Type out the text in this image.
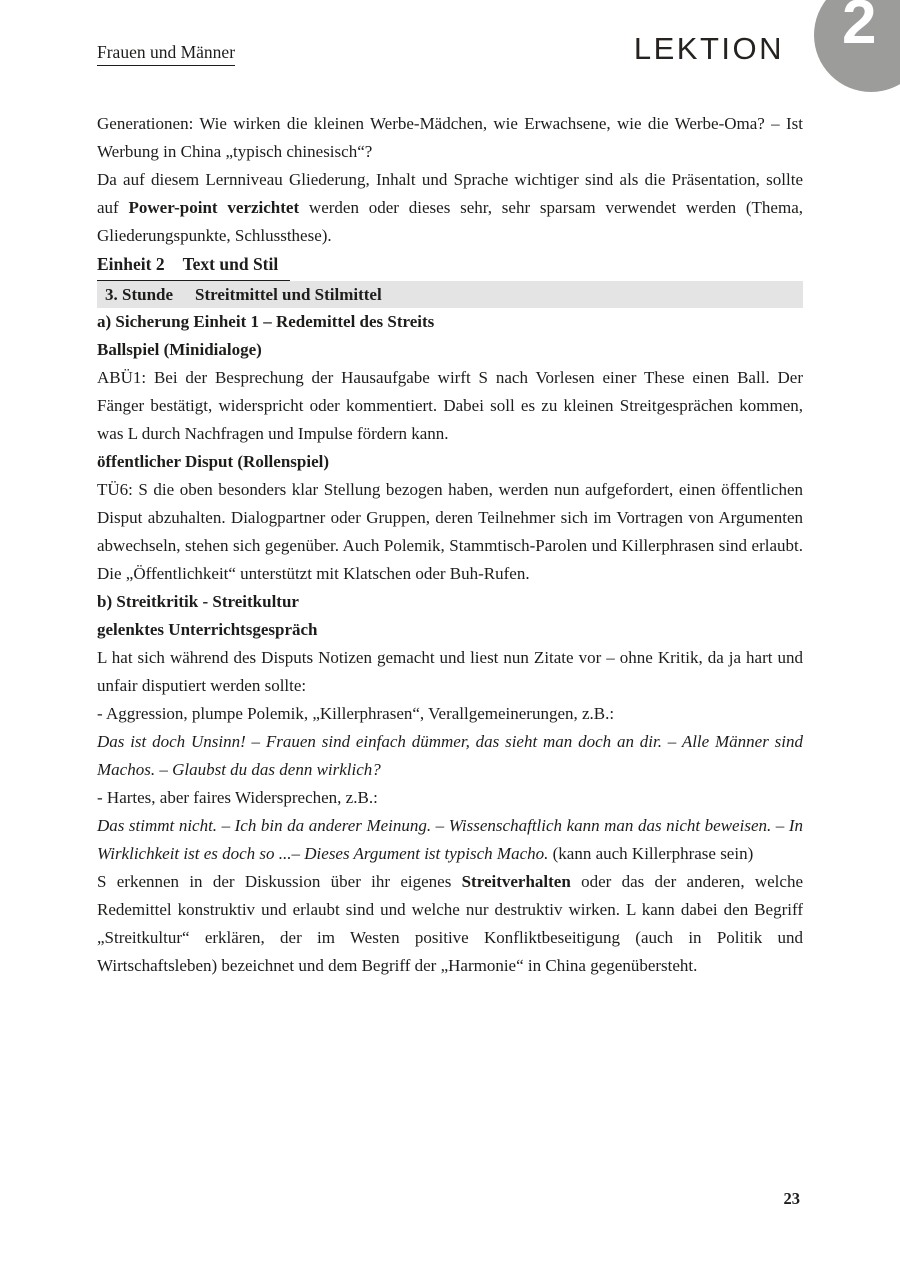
Frauen und Männer	LEKTION 2

Generationen: Wie wirken die kleinen Werbe-Mädchen, wie Erwachsene, wie die Werbe-Oma? – Ist Werbung in China „typisch chinesisch“?

Da auf diesem Lernniveau Gliederung, Inhalt und Sprache wichtiger sind als die Präsentation, sollte auf Power-point verzichtet werden oder dieses sehr, sehr sparsam verwendet werden (Thema, Gliederungspunkte, Schlussthese).

Einheit 2 Text und Stil

3. Stunde Streitmittel und Stilmittel

a) Sicherung Einheit 1 – Redemittel des Streits

Ballspiel (Minidialoge)

ABÜ1: Bei der Besprechung der Hausaufgabe wirft S nach Vorlesen einer These einen Ball. Der Fänger bestätigt, widerspricht oder kommentiert. Dabei soll es zu kleinen Streitgesprächen kommen, was L durch Nachfragen und Impulse fördern kann.

öffentlicher Disput (Rollenspiel)

TÜ6: S die oben besonders klar Stellung bezogen haben, werden nun aufgefordert, einen öffentlichen Disput abzuhalten. Dialogpartner oder Gruppen, deren Teilnehmer sich im Vortragen von Argumenten abwechseln, stehen sich gegenüber. Auch Polemik, Stammtisch-Parolen und Killerphrasen sind erlaubt. Die „Öffentlichkeit“ unterstützt mit Klatschen oder Buh-Rufen.

b) Streitkritik - Streitkultur

gelenktes Unterrichtsgespräch

L hat sich während des Disputs Notizen gemacht und liest nun Zitate vor – ohne Kritik, da ja hart und unfair disputiert werden sollte:

- Aggression, plumpe Polemik, „Killerphrasen“, Verallgemeinerungen, z.B.:

Das ist doch Unsinn! – Frauen sind einfach dümmer, das sieht man doch an dir. – Alle Männer sind Machos. – Glaubst du das denn wirklich?

- Hartes, aber faires Widersprechen, z.B.:

Das stimmt nicht. – Ich bin da anderer Meinung. – Wissenschaftlich kann man das nicht beweisen. – In Wirklichkeit ist es doch so ...– Dieses Argument ist typisch Macho. (kann auch Killerphrase sein)

S erkennen in der Diskussion über ihr eigenes Streitverhalten oder das der anderen, welche Redemittel konstruktiv und erlaubt sind und welche nur destruktiv wirken. L kann dabei den Begriff „Streitkultur“ erklären, der im Westen positive Konfliktbeseitigung (auch in Politik und Wirtschaftsleben) bezeichnet und dem Begriff der „Harmonie“ in China gegenübersteht.

23
